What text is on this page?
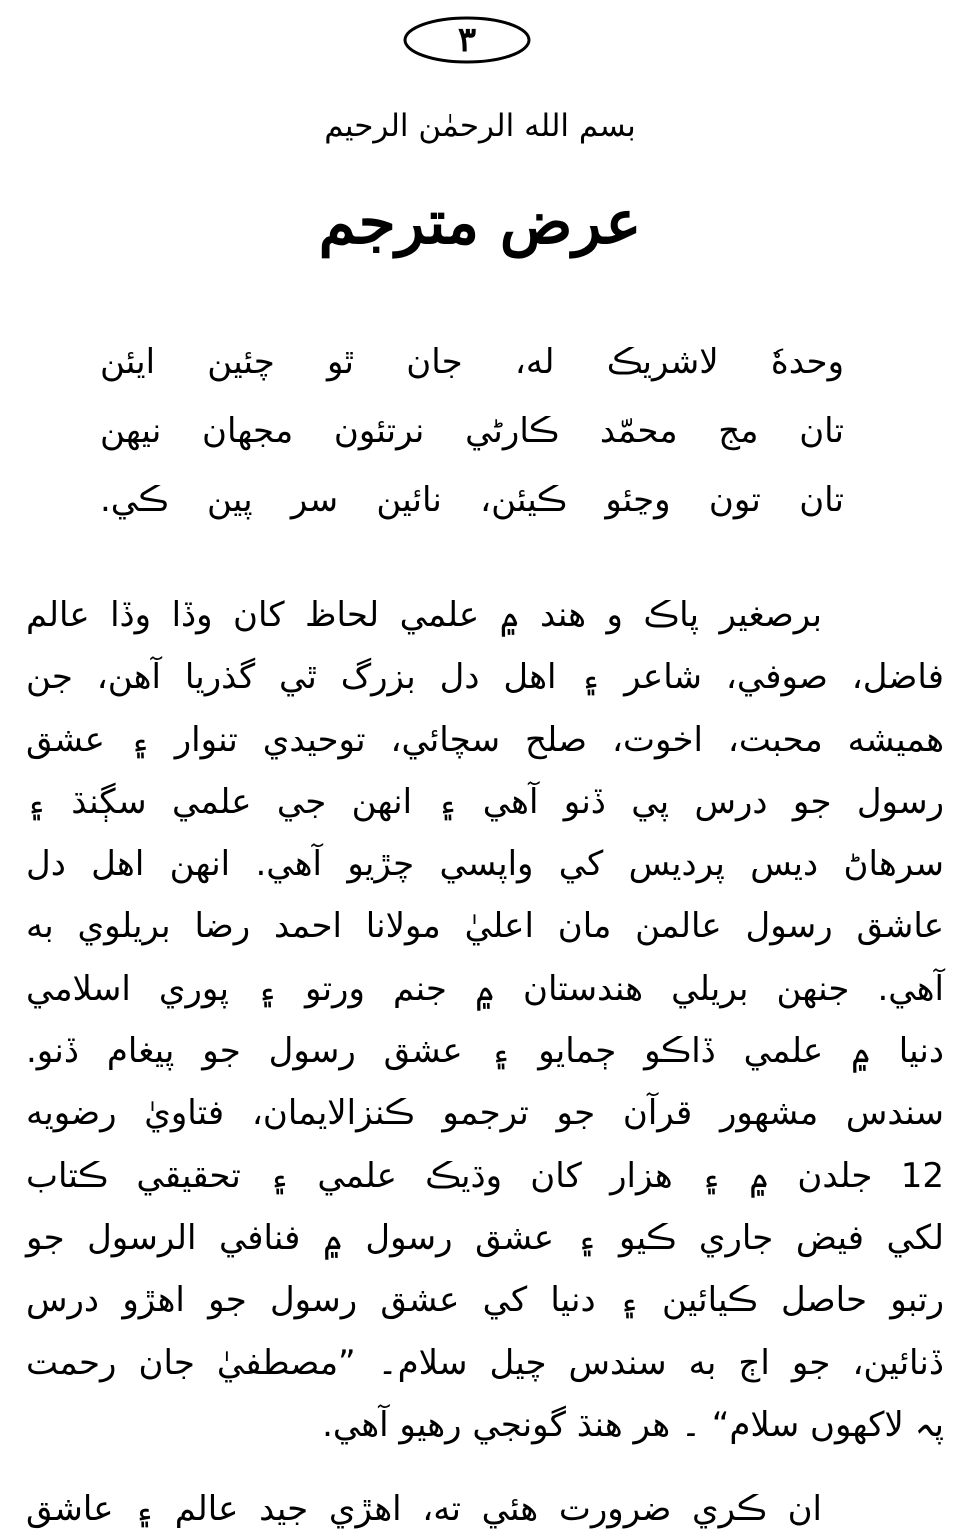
٣
بسم الله الرحمٰن الرحيم
عرض مترجم
وحدهٗ لاشريڪ له، جان ٿو چئين ايئن
تان مج محمّد ڪارڻي نرتئون مجهان نيهن
تان تون وڃئو ڪيئن، نائين سر پين ڪي.
برصغير پاڪ و هند ۾ علمي لحاظ کان وڏا وڏا عالم
فاضل، صوفي، شاعر ۽ اهل دل بزرگ ٿي گذريا آهن، جن
هميشه محبت، اخوت، صلح سچائي، توحيدي تنوار ۽ عشق
رسول جو درس پي ڏنو آهي ۽ انهن جي علمي سڳنڌ ۽
سرهاڻ ديس پرديس کي واپسي چڙيو آهي. انهن اهل دل
عاشق رسول عالمن مان اعليٰ مولانا احمد رضا بريلوي به
آهي. جنهن بريلي هندستان ۾ جنم ورتو ۽ پوري اسلامي
دنيا ۾ علمي ڏاڪو ڄمايو ۽ عشق رسول جو پيغام ڏنو.
سندس مشهور قرآن جو ترجمو ڪنزالايمان، فتاويٰ رضويه
12 جلدن ۾ ۽ هزار کان وڌيڪ علمي ۽ تحقيقي ڪتاب
لکي فيض جاري ڪيو ۽ عشق رسول ۾ فنافي الرسول جو
رتبو حاصل ڪيائين ۽ دنيا کي عشق رسول جو اهڙو درس
ڏنائين، جو اڄ به سندس چيل سلام۔ ”مصطفيٰ جان رحمت
پہ لاکھوں سلام“ ۔ هر هنڌ گونجي رهيو آهي.
ان ڪري ضرورت هئي ته، اهڙي جيد عالم ۽ عاشق
